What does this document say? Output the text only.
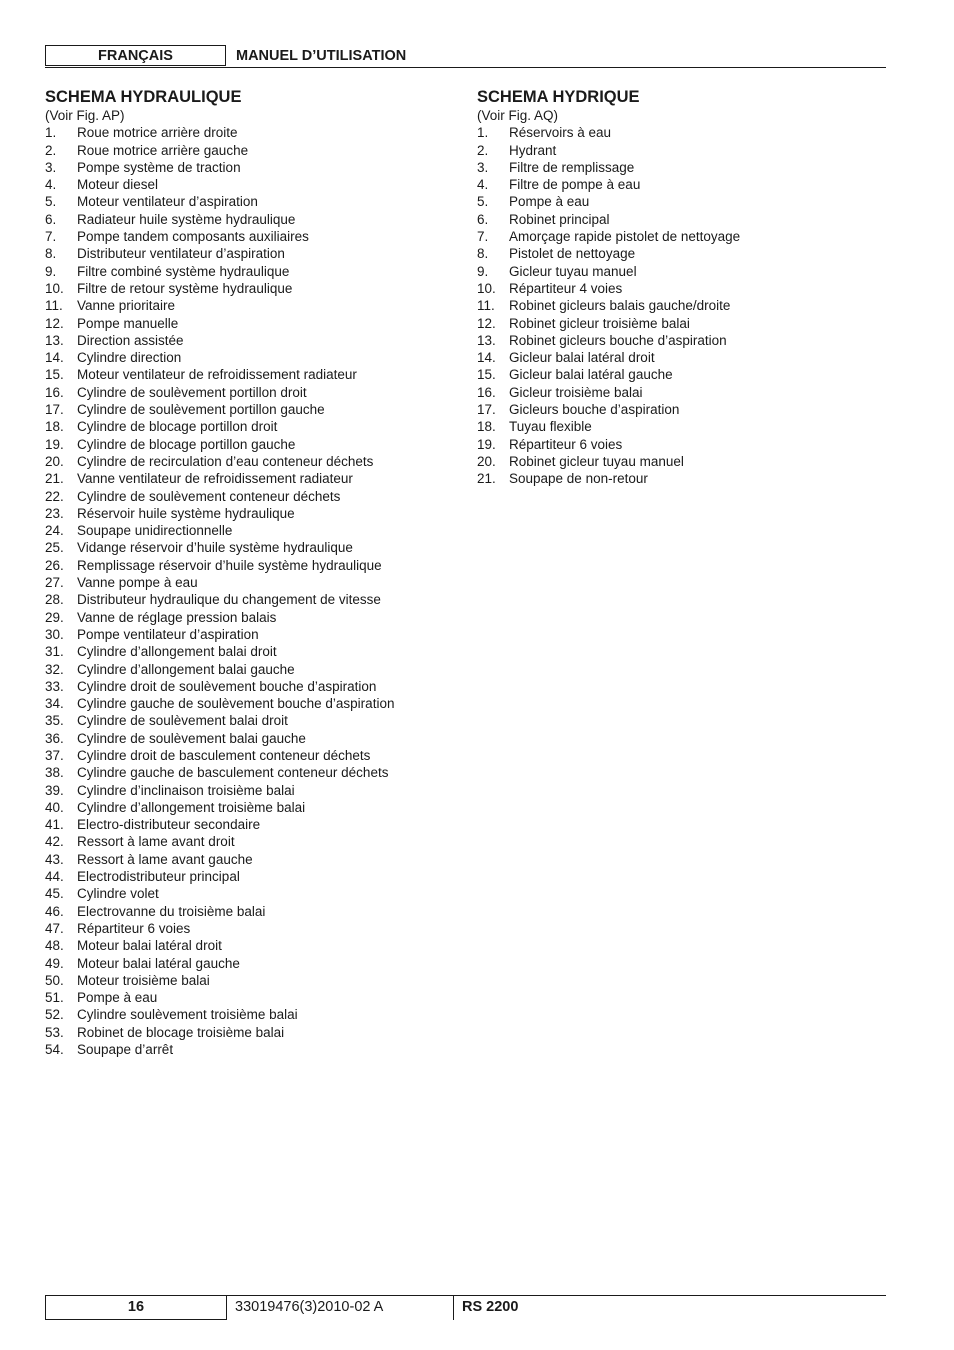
FRANÇAIS	MANUEL D’UTILISATION
SCHEMA HYDRAULIQUE
(Voir Fig. AP)
1.	Roue motrice arrière droite
2.	Roue motrice arrière gauche
3.	Pompe système de traction
4.	Moteur diesel
5.	Moteur ventilateur d’aspiration
6.	Radiateur huile système hydraulique
7.	Pompe tandem composants auxiliaires
8.	Distributeur ventilateur d’aspiration
9.	Filtre combiné système hydraulique
10. Filtre de retour système hydraulique
11.	Vanne prioritaire
12. Pompe manuelle
13. Direction assistée
14. Cylindre direction
15. Moteur ventilateur de refroidissement radiateur
16. Cylindre de soulèvement portillon droit
17. Cylindre de soulèvement portillon gauche
18. Cylindre de blocage portillon droit
19. Cylindre de blocage portillon gauche
20. Cylindre de recirculation d’eau conteneur déchets
21. Vanne ventilateur de refroidissement radiateur
22. Cylindre de soulèvement conteneur déchets
23. Réservoir huile système hydraulique
24. Soupape unidirectionnelle
25. Vidange réservoir d’huile système hydraulique
26. Remplissage réservoir d’huile système hydraulique
27. Vanne pompe à eau
28. Distributeur hydraulique du changement de vitesse
29. Vanne de réglage pression balais
30. Pompe ventilateur d’aspiration
31. Cylindre d’allongement balai droit
32. Cylindre d’allongement balai gauche
33. Cylindre droit de soulèvement bouche d’aspiration
34. Cylindre gauche de soulèvement bouche d’aspiration
35. Cylindre de soulèvement balai droit
36. Cylindre de soulèvement balai gauche
37. Cylindre droit de basculement conteneur déchets
38. Cylindre gauche de basculement conteneur déchets
39. Cylindre d’inclinaison troisième balai
40. Cylindre d’allongement troisième balai
41. Electro-distributeur secondaire
42. Ressort à lame avant droit
43. Ressort à lame avant gauche
44. Electrodistributeur principal
45. Cylindre volet
46. Electrovanne du troisième balai
47. Répartiteur 6 voies
48. Moteur balai latéral droit
49. Moteur balai latéral gauche
50. Moteur troisième balai
51. Pompe à eau
52. Cylindre soulèvement troisième balai
53. Robinet de blocage troisième balai
54. Soupape d’arrêt
SCHEMA HYDRIQUE
(Voir Fig. AQ)
1.	Réservoirs à eau
2.	Hydrant
3.	Filtre de remplissage
4.	Filtre de pompe à eau
5.	Pompe à eau
6.	Robinet principal
7.	Amorçage rapide pistolet de nettoyage
8.	Pistolet de nettoyage
9.	Gicleur tuyau manuel
10. Répartiteur 4 voies
11.	Robinet gicleurs balais gauche/droite
12. Robinet gicleur troisième balai
13. Robinet gicleurs bouche d’aspiration
14. Gicleur balai latéral droit
15. Gicleur balai latéral gauche
16. Gicleur troisième balai
17. Gicleurs bouche d’aspiration
18. Tuyau flexible
19. Répartiteur 6 voies
20. Robinet gicleur tuyau manuel
21. Soupape de non-retour
16	33019476(3)2010-02 A	RS 2200
